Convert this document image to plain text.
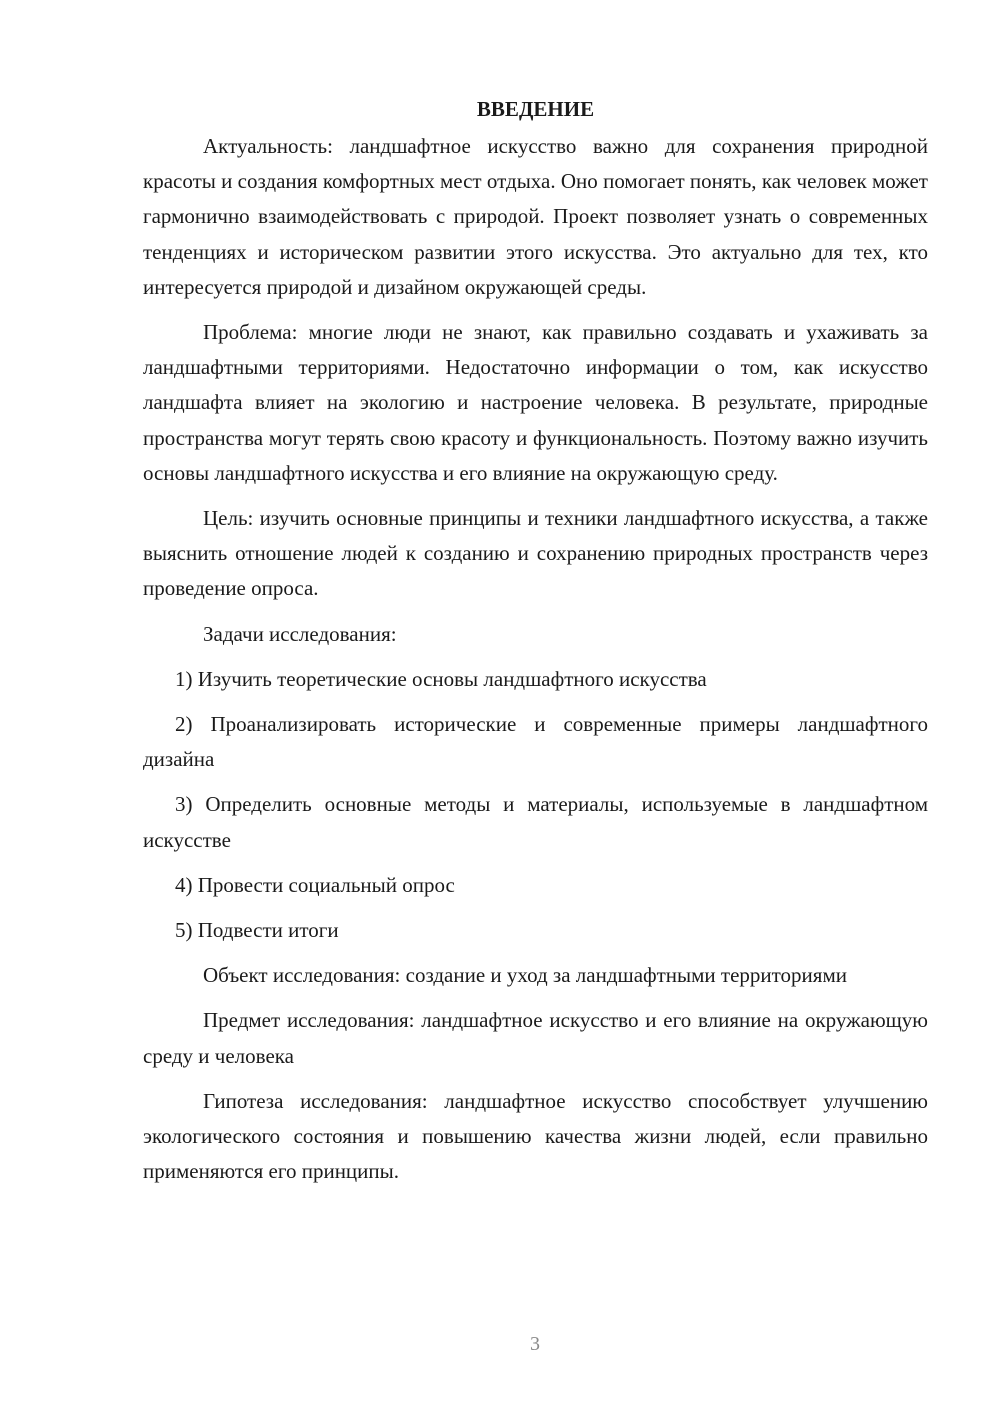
ВВЕДЕНИЕ

Актуальность: ландшафтное искусство важно для сохранения природной красоты и создания комфортных мест отдыха. Оно помогает понять, как человек может гармонично взаимодействовать с природой. Проект позволяет узнать о современных тенденциях и историческом развитии этого искусства. Это актуально для тех, кто интересуется природой и дизайном окружающей среды.

Проблема: многие люди не знают, как правильно создавать и ухаживать за ландшафтными территориями. Недостаточно информации о том, как искусство ландшафта влияет на экологию и настроение человека. В результате, природные пространства могут терять свою красоту и функциональность. Поэтому важно изучить основы ландшафтного искусства и его влияние на окружающую среду.

Цель: изучить основные принципы и техники ландшафтного искусства, а также выяснить отношение людей к созданию и сохранению природных пространств через проведение опроса.

Задачи исследования:

1) Изучить теоретические основы ландшафтного искусства

2) Проанализировать исторические и современные примеры ландшафтного дизайна

3) Определить основные методы и материалы, используемые в ландшафтном искусстве

4) Провести социальный опрос

5) Подвести итоги

Объект исследования: создание и уход за ландшафтными территориями

Предмет исследования: ландшафтное искусство и его влияние на окружающую среду и человека

Гипотеза исследования: ландшафтное искусство способствует улучшению экологического состояния и повышению качества жизни людей, если правильно применяются его принципы.

3
